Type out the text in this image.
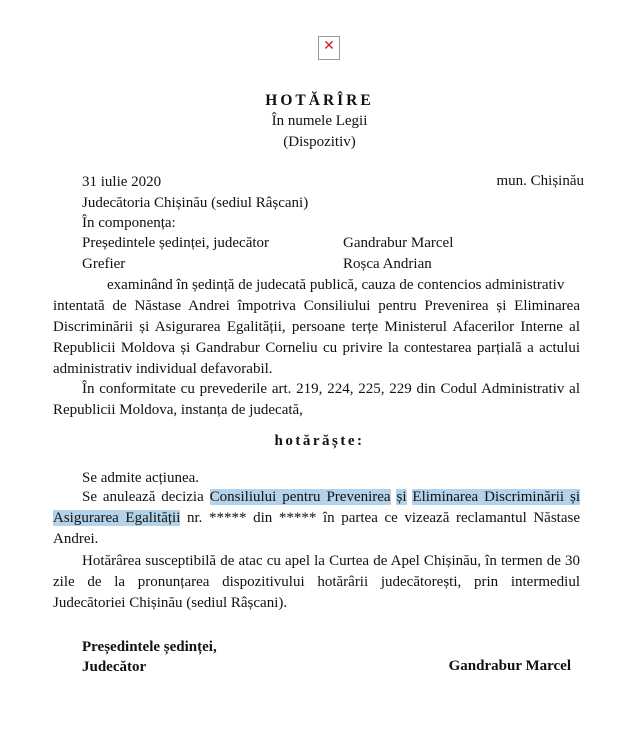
✕
HOTĂRÎRE
În numele Legii
(Dispozitiv)
31 iulie 2020	mun. Chișinău
Judecătoria Chișinău (sediul Râșcani)
În componența:
Președintele ședinței, judecător	Gandrabur Marcel
Grefier	Roșca Andrian
examinând în ședință de judecată publică, cauza de contencios administrativ
intentată de Năstase Andrei împotriva Consiliului pentru Prevenirea și Eliminarea Discriminării și Asigurarea Egalității, persoane terțe Ministerul Afacerilor Interne al Republicii Moldova și Gandrabur Corneliu cu privire la contestarea parțială a actului administrativ individual defavorabil.
În conformitate cu prevederile art. 219, 224, 225, 229 din Codul Administrativ al Republicii Moldova, instanța de judecată,
hotărăște:
Se admite acțiunea.
Se anulează decizia Consiliului pentru Prevenirea și Eliminarea Discriminării și Asigurarea Egalității nr. ***** din ***** în partea ce vizează reclamantul Năstase Andrei.
Hotărârea susceptibilă de atac cu apel la Curtea de Apel Chișinău, în termen de 30 zile de la pronunțarea dispozitivului hotărârii judecătorești, prin intermediul Judecătoriei Chișinău (sediul Râșcani).
Președintele ședinței,
Judecător	Gandrabur Marcel
